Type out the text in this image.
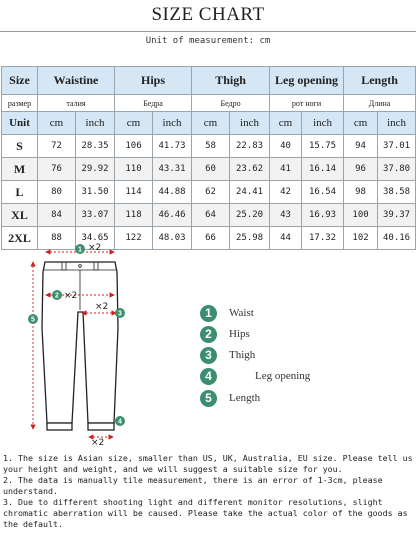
SIZE CHART
Unit of measurement: cm
Size	Waistine		Hips		Thigh		Leg opening		Length	
размер	талия		Бедра		Бедро		рот ноги		Длина	
Unit	cm	inch	cm	inch	cm	inch	cm	inch	cm	inch
S	72	28.35	106	41.73	58	22.83	40	15.75	94	37.01
M	76	29.92	110	43.31	60	23.62	41	16.14	96	37.80
L	80	31.50	114	44.88	62	24.41	42	16.54	98	38.58
XL	84	33.07	118	46.46	64	25.20	43	16.93	100	39.37
2XL	88	34.65	122	48.03	66	25.98	44	17.32	102	40.16
×2
×2
×2
×2
1
2
3
4
5	1	Waist
2	Hips
3	Thigh
4	Leg opening
5	Length

1. The size is Asian size, smaller than US, UK, Australia, EU size. Please tell us your height and weight, and we will suggest a suitable size for you.

2. The data is manually tile measurement, there is an error of 1-3cm, please understand.

3. Due to different shooting light and different monitor resolutions, slight chromatic aberration will be caused. Please take the actual color of the goods as the default.
